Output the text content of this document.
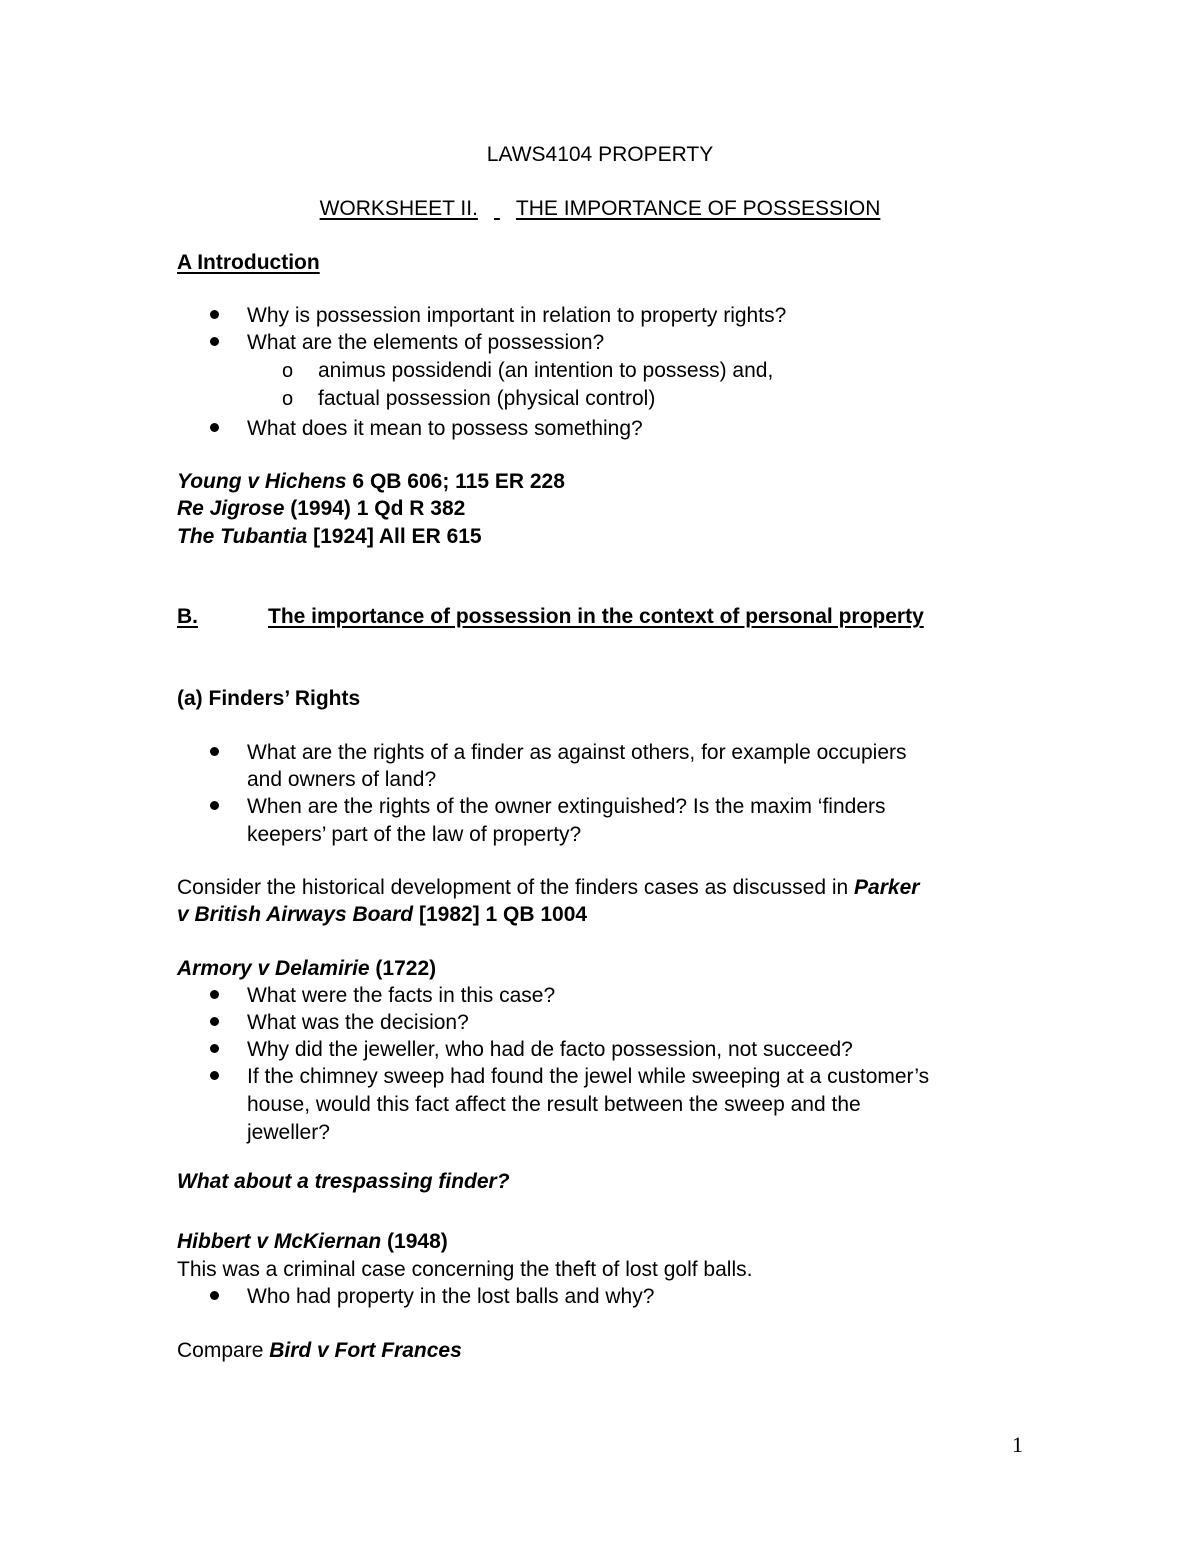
LAWS4104 PROPERTY
WORKSHEET II. THE IMPORTANCE OF POSSESSION
A Introduction
Why is possession important in relation to property rights?
What are the elements of possession?
o animus possidendi (an intention to possess) and,
o factual possession (physical control)
What does it mean to possess something?
Young v Hichens 6 QB 606; 115 ER 228
Re Jigrose (1994) 1 Qd R 382
The Tubantia [1924] All ER 615
B.	The importance of possession in the context of personal property
(a) Finders’ Rights
What are the rights of a finder as against others, for example occupiers
and owners of land?
When are the rights of the owner extinguished? Is the maxim ‘finders
keepers’ part of the law of property?
Consider the historical development of the finders cases as discussed in Parker
v British Airways Board [1982] 1 QB 1004
Armory v Delamirie (1722)
What were the facts in this case?
What was the decision?
Why did the jeweller, who had de facto possession, not succeed?
If the chimney sweep had found the jewel while sweeping at a customer’s
house, would this fact affect the result between the sweep and the
jeweller?
What about a trespassing finder?
Hibbert v McKiernan (1948)
This was a criminal case concerning the theft of lost golf balls.
Who had property in the lost balls and why?
Compare Bird v Fort Frances
1
